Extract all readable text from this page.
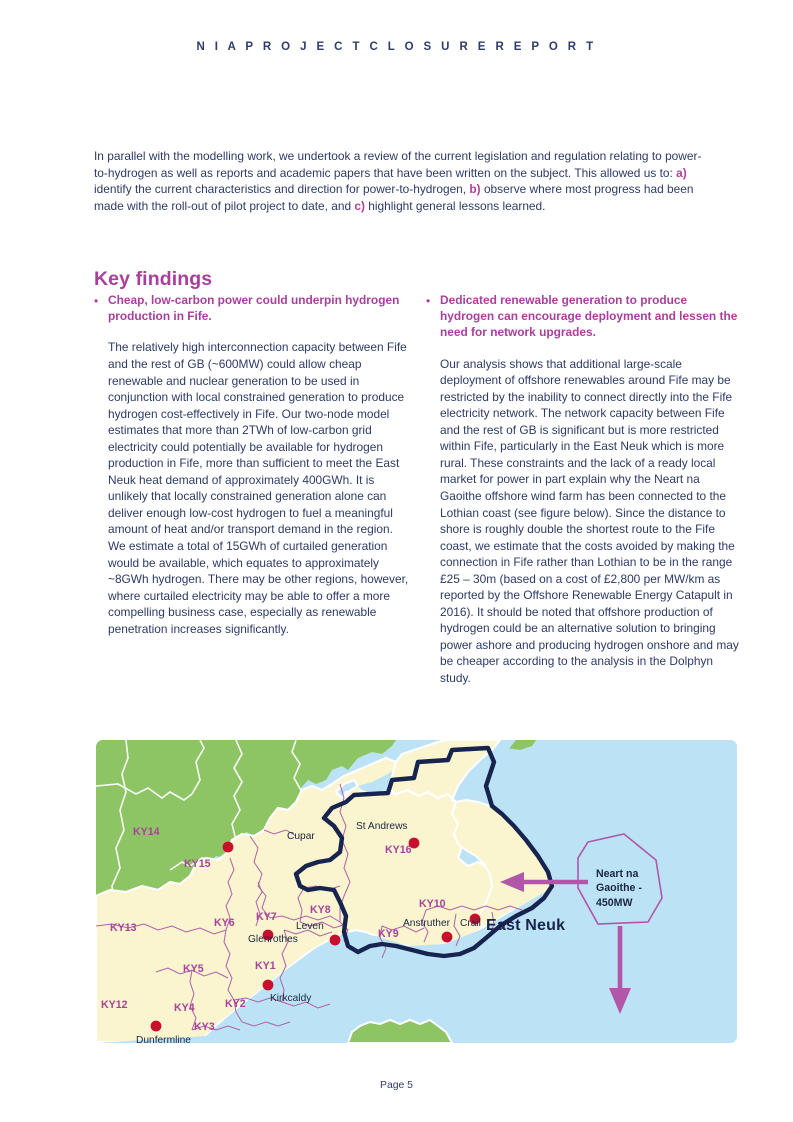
N I A P R O J E C T C L O S U R E R E P O R T
In parallel with the modelling work, we undertook a review of the current legislation and regulation relating to power-to-hydrogen as well as reports and academic papers that have been written on the subject. This allowed us to: a) identify the current characteristics and direction for power-to-hydrogen, b) observe where most progress had been made with the roll-out of pilot project to date, and c) highlight general lessons learned.
Key findings
• Cheap, low-carbon power could underpin hydrogen production in Fife.
The relatively high interconnection capacity between Fife and the rest of GB (~600MW) could allow cheap renewable and nuclear generation to be used in conjunction with local constrained generation to produce hydrogen cost-effectively in Fife. Our two-node model estimates that more than 2TWh of low-carbon grid electricity could potentially be available for hydrogen production in Fife, more than sufficient to meet the East Neuk heat demand of approximately 400GWh. It is unlikely that locally constrained generation alone can deliver enough low-cost hydrogen to fuel a meaningful amount of heat and/or transport demand in the region. We estimate a total of 15GWh of curtailed generation would be available, which equates to approximately ~8GWh hydrogen. There may be other regions, however, where curtailed electricity may be able to offer a more compelling business case, especially as renewable penetration increases significantly.
• Dedicated renewable generation to produce hydrogen can encourage deployment and lessen the need for network upgrades.
Our analysis shows that additional large-scale deployment of offshore renewables around Fife may be restricted by the inability to connect directly into the Fife electricity network. The network capacity between Fife and the rest of GB is significant but is more restricted within Fife, particularly in the East Neuk which is more rural. These constraints and the lack of a ready local market for power in part explain why the Neart na Gaoithe offshore wind farm has been connected to the Lothian coast (see figure below). Since the distance to shore is roughly double the shortest route to the Fife coast, we estimate that the costs avoided by making the connection in Fife rather than Lothian to be in the range £25 – 30m (based on a cost of £2,800 per MW/km as reported by the Offshore Renewable Energy Catapult in 2016). It should be noted that offshore production of hydrogen could be an alternative solution to bringing power ashore and producing hydrogen onshore and may be cheaper according to the analysis in the Dolphyn study.
KY14
KY15
KY16
KY13	KY6 KY7
KY8	KY10
KY9
KY5	KY1
KY12	KY4	KY2
KY3
Cupar
St Andrews
Crail
Anstruther
Leven
Glenrothes
Kirkcaldy
Dunfermline
East Neuk
Neart na Gaoithe - 450MW
Page 5
